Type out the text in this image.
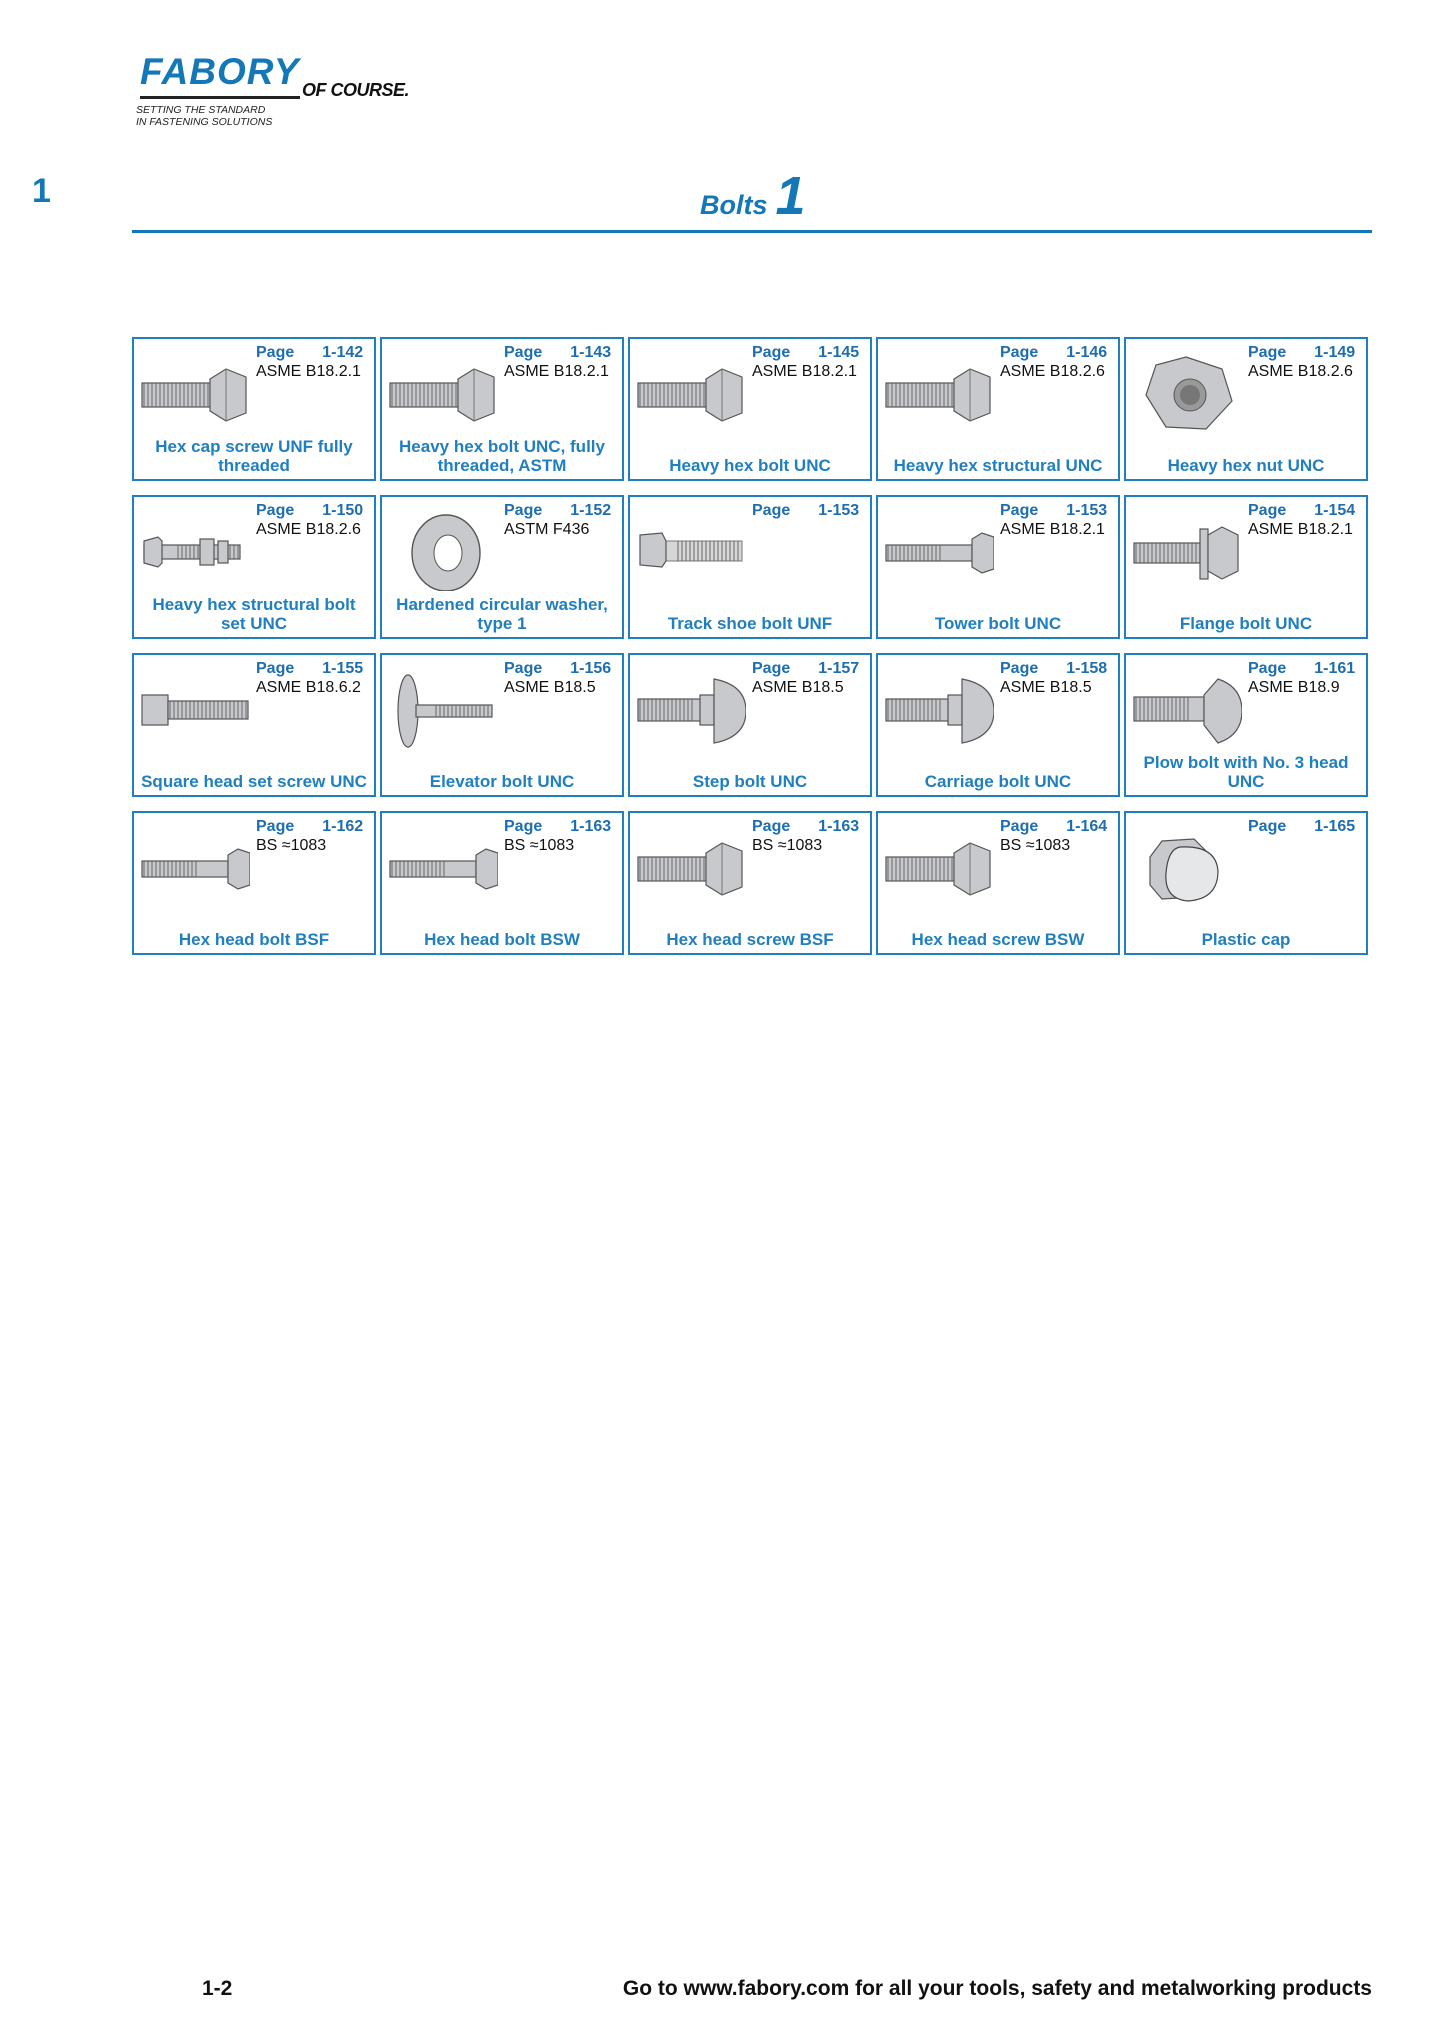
FABORY OF COURSE.
SETTING THE STANDARD
IN FASTENING SOLUTIONS
1	Bolts 1
Page 1-142
ASME B18.2.1
Hex cap screw UNF fully threaded
Page 1-143
ASME B18.2.1
Heavy hex bolt UNC, fully threaded, ASTM
Page 1-145
ASME B18.2.1
Heavy hex bolt UNC
Page 1-146
ASME B18.2.6
Heavy hex structural UNC
Page 1-149
ASME B18.2.6
Heavy hex nut UNC
Page 1-150
ASME B18.2.6
Heavy hex structural bolt set UNC
Page 1-152
ASTM F436
Hardened circular washer, type 1
Page 1-153
Track shoe bolt UNF
Page 1-153
ASME B18.2.1
Tower bolt UNC
Page 1-154
ASME B18.2.1
Flange bolt UNC
Page 1-155
ASME B18.6.2
Square head set screw UNC
Page 1-156
ASME B18.5
Elevator bolt UNC
Page 1-157
ASME B18.5
Step bolt UNC
Page 1-158
ASME B18.5
Carriage bolt UNC
Page 1-161
ASME B18.9
Plow bolt with No. 3 head UNC
Page 1-162
BS ≈1083
Hex head bolt BSF
Page 1-163
BS ≈1083
Hex head bolt BSW
Page 1-163
BS ≈1083
Hex head screw BSF
Page 1-164
BS ≈1083
Hex head screw BSW
Page 1-165
Plastic cap
1-2	Go to www.fabory.com for all your tools, safety and metalworking products
